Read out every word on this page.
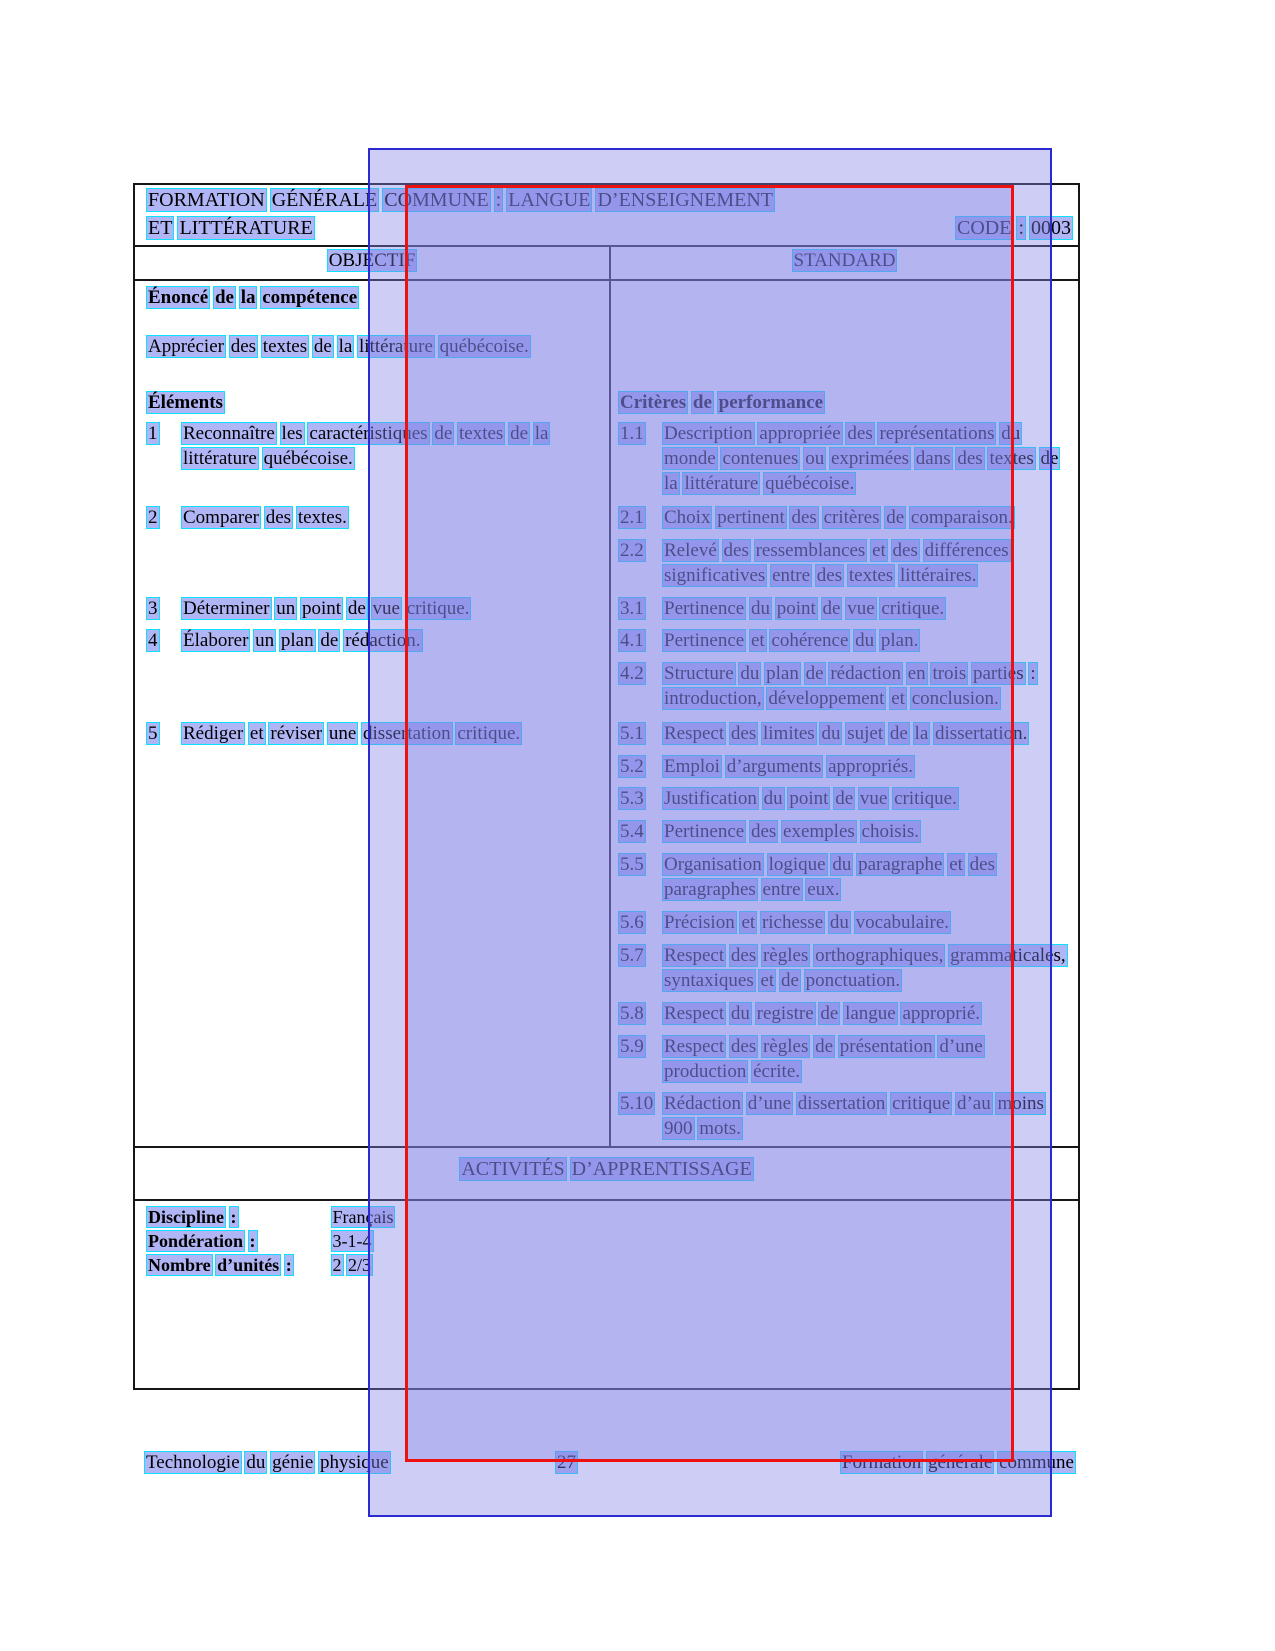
FORMATION GÉNÉRALE COMMUNE : LANGUE D’ENSEIGNEMENT
ET LITTÉRATURE	CODE : 0003
OBJECTIF	STANDARD
Énoncé de la compétence
Apprécier des textes de la littérature québécoise.
Éléments
1	Reconnaître les caractéristiques de textes de la littérature québécoise.
2	Comparer des textes.
3	Déterminer un point de vue critique.
4	Élaborer un plan de rédaction.
5	Rédiger et réviser une dissertation critique.
Critères de performance
1.1	Description appropriée des représentations du monde contenues ou exprimées dans des textes de la littérature québécoise.
2.1	Choix pertinent des critères de comparaison.
2.2	Relevé des ressemblances et des différences significatives entre des textes littéraires.
3.1	Pertinence du point de vue critique.
4.1	Pertinence et cohérence du plan.
4.2	Structure du plan de rédaction en trois parties : introduction, développement et conclusion.
5.1	Respect des limites du sujet de la dissertation.
5.2	Emploi d’arguments appropriés.
5.3	Justification du point de vue critique.
5.4	Pertinence des exemples choisis.
5.5	Organisation logique du paragraphe et des paragraphes entre eux.
5.6	Précision et richesse du vocabulaire.
5.7	Respect des règles orthographiques, grammaticales, syntaxiques et de ponctuation.
5.8	Respect du registre de langue approprié.
5.9	Respect des règles de présentation d’une production écrite.
5.10 Rédaction d’une dissertation critique d’au moins 900 mots.
ACTIVITÉS D’APPRENTISSAGE
Discipline :	Français
Pondération :	3-1-4
Nombre d’unités : 2 2/3
Technologie du génie physique	27	Formation générale commune
